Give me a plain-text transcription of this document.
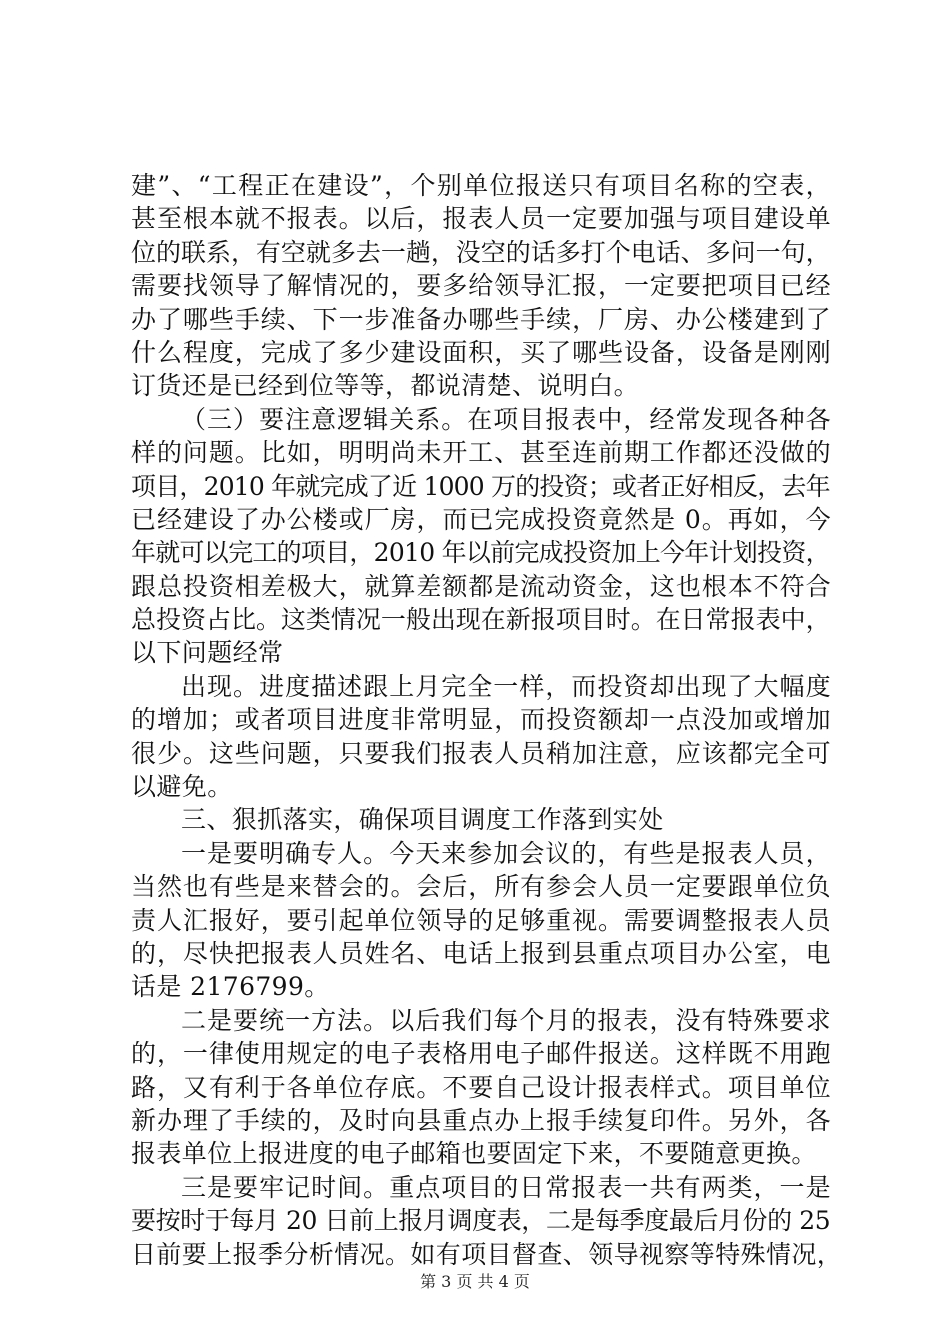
建”、“工程正在建设”，个别单位报送只有项目名称的空表，
甚至根本就不报表。以后，报表人员一定要加强与项目建设单
位的联系，有空就多去一趟，没空的话多打个电话、多问一句，
需要找领导了解情况的，要多给领导汇报，一定要把项目已经
办了哪些手续、下一步准备办哪些手续，厂房、办公楼建到了
什么程度，完成了多少建设面积，买了哪些设备，设备是刚刚
订货还是已经到位等等，都说清楚、说明白。
（三）要注意逻辑关系。在项目报表中，经常发现各种各
样的问题。比如，明明尚未开工、甚至连前期工作都还没做的
项目，2010 年就完成了近 1000 万的投资；或者正好相反，去年
已经建设了办公楼或厂房，而已完成投资竟然是 0。再如，今
年就可以完工的项目，2010 年以前完成投资加上今年计划投资，
跟总投资相差极大，就算差额都是流动资金，这也根本不符合
总投资占比。这类情况一般出现在新报项目时。在日常报表中，
以下问题经常
出现。进度描述跟上月完全一样，而投资却出现了大幅度
的增加；或者项目进度非常明显，而投资额却一点没加或增加
很少。这些问题，只要我们报表人员稍加注意，应该都完全可
以避免。
三、狠抓落实，确保项目调度工作落到实处
一是要明确专人。今天来参加会议的，有些是报表人员，
当然也有些是来替会的。会后，所有参会人员一定要跟单位负
责人汇报好，要引起单位领导的足够重视。需要调整报表人员
的，尽快把报表人员姓名、电话上报到县重点项目办公室，电
话是 2176799。
二是要统一方法。以后我们每个月的报表，没有特殊要求
的，一律使用规定的电子表格用电子邮件报送。这样既不用跑
路，又有利于各单位存底。不要自己设计报表样式。项目单位
新办理了手续的，及时向县重点办上报手续复印件。另外，各
报表单位上报进度的电子邮箱也要固定下来，不要随意更换。
三是要牢记时间。重点项目的日常报表一共有两类，一是
要按时于每月 20 日前上报月调度表，二是每季度最后月份的 25
日前要上报季分析情况。如有项目督查、领导视察等特殊情况，
第 3 页 共 4 页
